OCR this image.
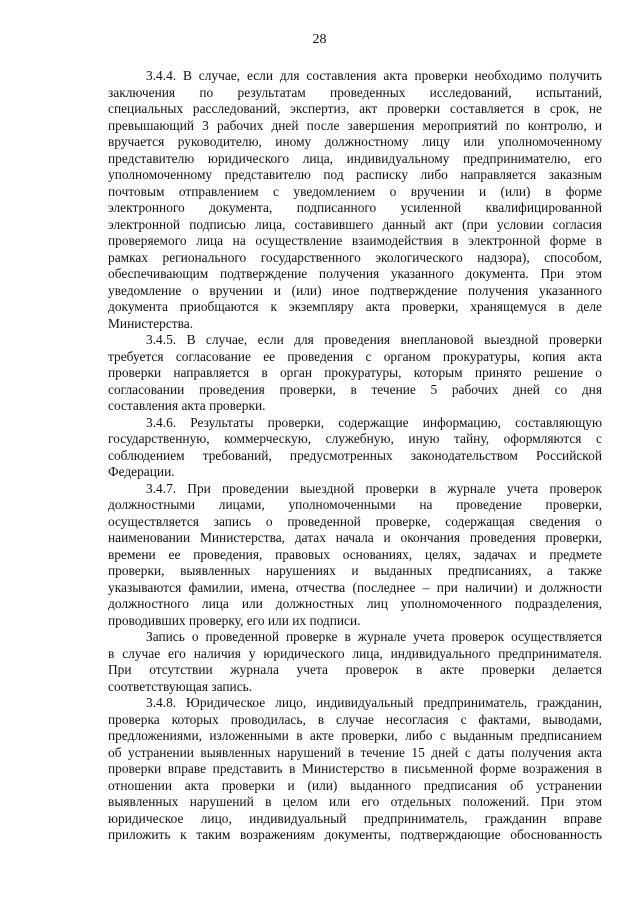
28
3.4.4. В случае, если для составления акта проверки необходимо получить
заключения по результатам проведенных исследований, испытаний,
специальных расследований, экспертиз, акт проверки составляется в срок, не
превышающий 3 рабочих дней после завершения мероприятий по контролю, и
вручается руководителю, иному должностному лицу или уполномоченному
представителю юридического лица, индивидуальному предпринимателю, его
уполномоченному представителю под расписку либо направляется заказным
почтовым отправлением с уведомлением о вручении и (или) в форме
электронного документа, подписанного усиленной квалифицированной
электронной подписью лица, составившего данный акт (при условии согласия
проверяемого лица на осуществление взаимодействия в электронной форме в
рамках регионального государственного экологического надзора), способом,
обеспечивающим подтверждение получения указанного документа. При этом
уведомление о вручении и (или) иное подтверждение получения указанного
документа приобщаются к экземпляру акта проверки, хранящемуся в деле
Министерства.
3.4.5. В случае, если для проведения внеплановой выездной проверки
требуется согласование ее проведения с органом прокуратуры, копия акта
проверки направляется в орган прокуратуры, которым принято решение о
согласовании проведения проверки, в течение 5 рабочих дней со дня
составления акта проверки.
3.4.6. Результаты проверки, содержащие информацию, составляющую
государственную, коммерческую, служебную, иную тайну, оформляются с
соблюдением требований, предусмотренных законодательством Российской
Федерации.
3.4.7. При проведении выездной проверки в журнале учета проверок
должностными лицами, уполномоченными на проведение проверки,
осуществляется запись о проведенной проверке, содержащая сведения о
наименовании Министерства, датах начала и окончания проведения проверки,
времени ее проведения, правовых основаниях, целях, задачах и предмете
проверки, выявленных нарушениях и выданных предписаниях, а также
указываются фамилии, имена, отчества (последнее – при наличии) и должности
должностного лица или должностных лиц уполномоченного подразделения,
проводивших проверку, его или их подписи.
Запись о проведенной проверке в журнале учета проверок осуществляется
в случае его наличия у юридического лица, индивидуального предпринимателя.
При отсутствии журнала учета проверок в акте проверки делается
соответствующая запись.
3.4.8. Юридическое лицо, индивидуальный предприниматель, гражданин,
проверка которых проводилась, в случае несогласия с фактами, выводами,
предложениями, изложенными в акте проверки, либо с выданным предписанием
об устранении выявленных нарушений в течение 15 дней с даты получения акта
проверки вправе представить в Министерство в письменной форме возражения в
отношении акта проверки и (или) выданного предписания об устранении
выявленных нарушений в целом или его отдельных положений. При этом
юридическое лицо, индивидуальный предприниматель, гражданин вправе
приложить к таким возражениям документы, подтверждающие обоснованность
